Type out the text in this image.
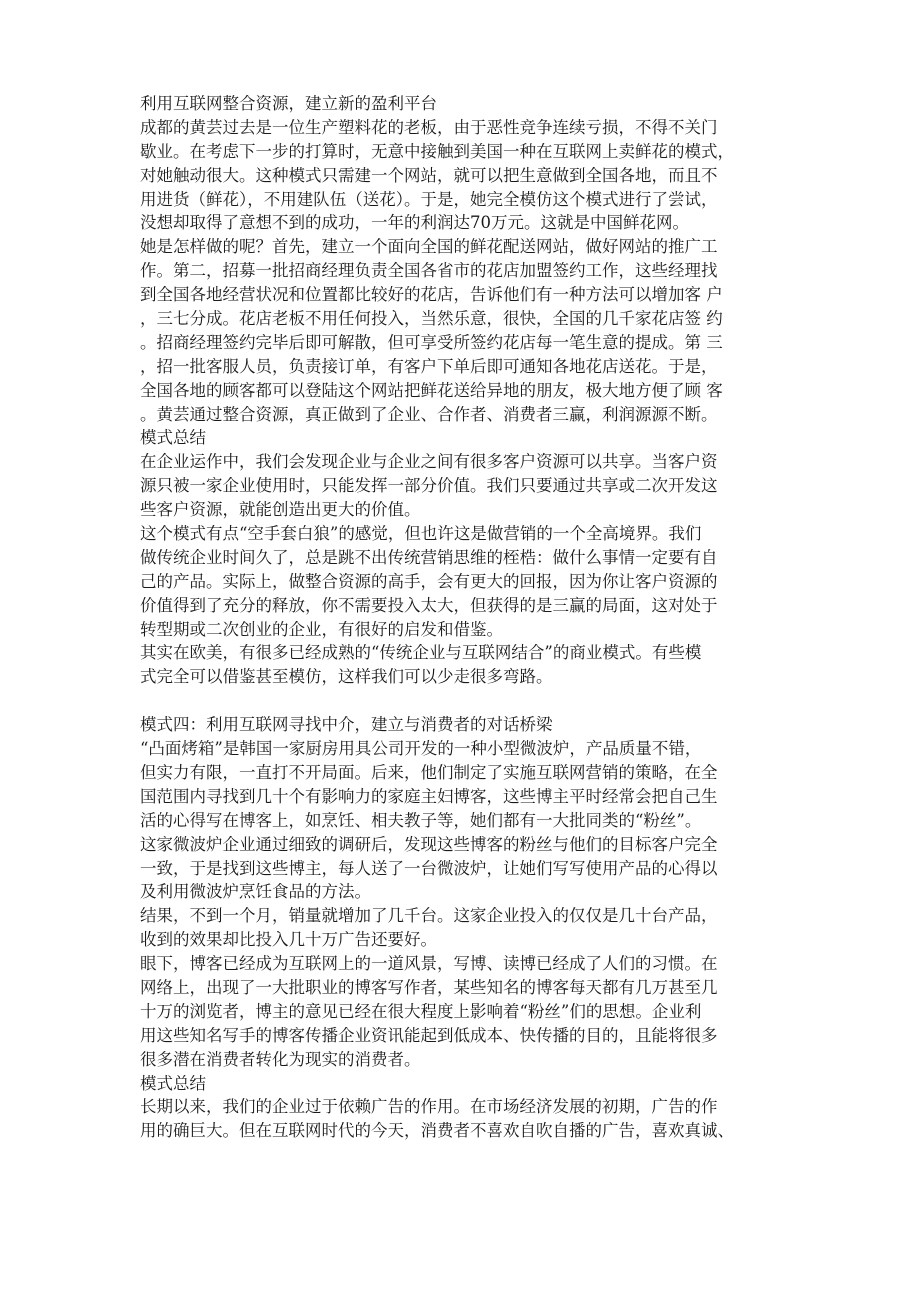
利用互联网整合资源，建立新的盈利平台
成都的黄芸过去是一位生产塑料花的老板，由于恶性竞争连续亏损，不得不关门
歇业。在考虑下一步的打算时，无意中接触到美国一种在互联网上卖鲜花的模式，
对她触动很大。这种模式只需建一个网站，就可以把生意做到全国各地，而且不
用进货（鲜花），不用建队伍（送花）。于是，她完全模仿这个模式进行了尝试，
没想却取得了意想不到的成功，一年的利润达70万元。这就是中国鲜花网。
她是怎样做的呢？首先，建立一个面向全国的鲜花配送网站，做好网站的推广工
作。第二，招募一批招商经理负责全国各省市的花店加盟签约工作，这些经理找
到全国各地经营状况和位置都比较好的花店，告诉他们有一种方法可以增加客 户
，三七分成。花店老板不用任何投入，当然乐意，很快，全国的几千家花店签 约
。招商经理签约完毕后即可解散，但可享受所签约花店每一笔生意的提成。第 三
，招一批客服人员，负责接订单，有客户下单后即可通知各地花店送花。于是，
全国各地的顾客都可以登陆这个网站把鲜花送给异地的朋友，极大地方便了顾 客
。黄芸通过整合资源，真正做到了企业、合作者、消费者三赢，利润源源不断。
模式总结
在企业运作中，我们会发现企业与企业之间有很多客户资源可以共享。当客户资
源只被一家企业使用时，只能发挥一部分价值。我们只要通过共享或二次开发这
些客户资源，就能创造出更大的价值。
这个模式有点“空手套白狼”的感觉，但也许这是做营销的一个全高境界。我们
做传统企业时间久了，总是跳不出传统营销思维的桎梏：做什么事情一定要有自
己的产品。实际上，做整合资源的高手，会有更大的回报，因为你让客户资源的
价值得到了充分的释放，你不需要投入太大，但获得的是三赢的局面，这对处于
转型期或二次创业的企业，有很好的启发和借鉴。
其实在欧美，有很多已经成熟的“传统企业与互联网结合”的商业模式。有些模
式完全可以借鉴甚至模仿，这样我们可以少走很多弯路。
模式四：利用互联网寻找中介，建立与消费者的对话桥梁
“凸面烤箱”是韩国一家厨房用具公司开发的一种小型微波炉，产品质量不错，
但实力有限，一直打不开局面。后来，他们制定了实施互联网营销的策略，在全
国范围内寻找到几十个有影响力的家庭主妇博客，这些博主平时经常会把自己生
活的心得写在博客上，如烹饪、相夫教子等，她们都有一大批同类的“粉丝”。
这家微波炉企业通过细致的调研后，发现这些博客的粉丝与他们的目标客户完全
一致，于是找到这些博主，每人送了一台微波炉，让她们写写使用产品的心得以
及利用微波炉烹饪食品的方法。
结果，不到一个月，销量就增加了几千台。这家企业投入的仅仅是几十台产品，
收到的效果却比投入几十万广告还要好。
眼下，博客已经成为互联网上的一道风景，写博、读博已经成了人们的习惯。在
网络上，出现了一大批职业的博客写作者，某些知名的博客每天都有几万甚至几
十万的浏览者，博主的意见已经在很大程度上影响着“粉丝”们的思想。企业利
用这些知名写手的博客传播企业资讯能起到低成本、快传播的目的，且能将很多
很多潜在消费者转化为现实的消费者。
模式总结
长期以来，我们的企业过于依赖广告的作用。在市场经济发展的初期，广告的作
用的确巨大。但在互联网时代的今天，消费者不喜欢自吹自播的广告，喜欢真诚、
